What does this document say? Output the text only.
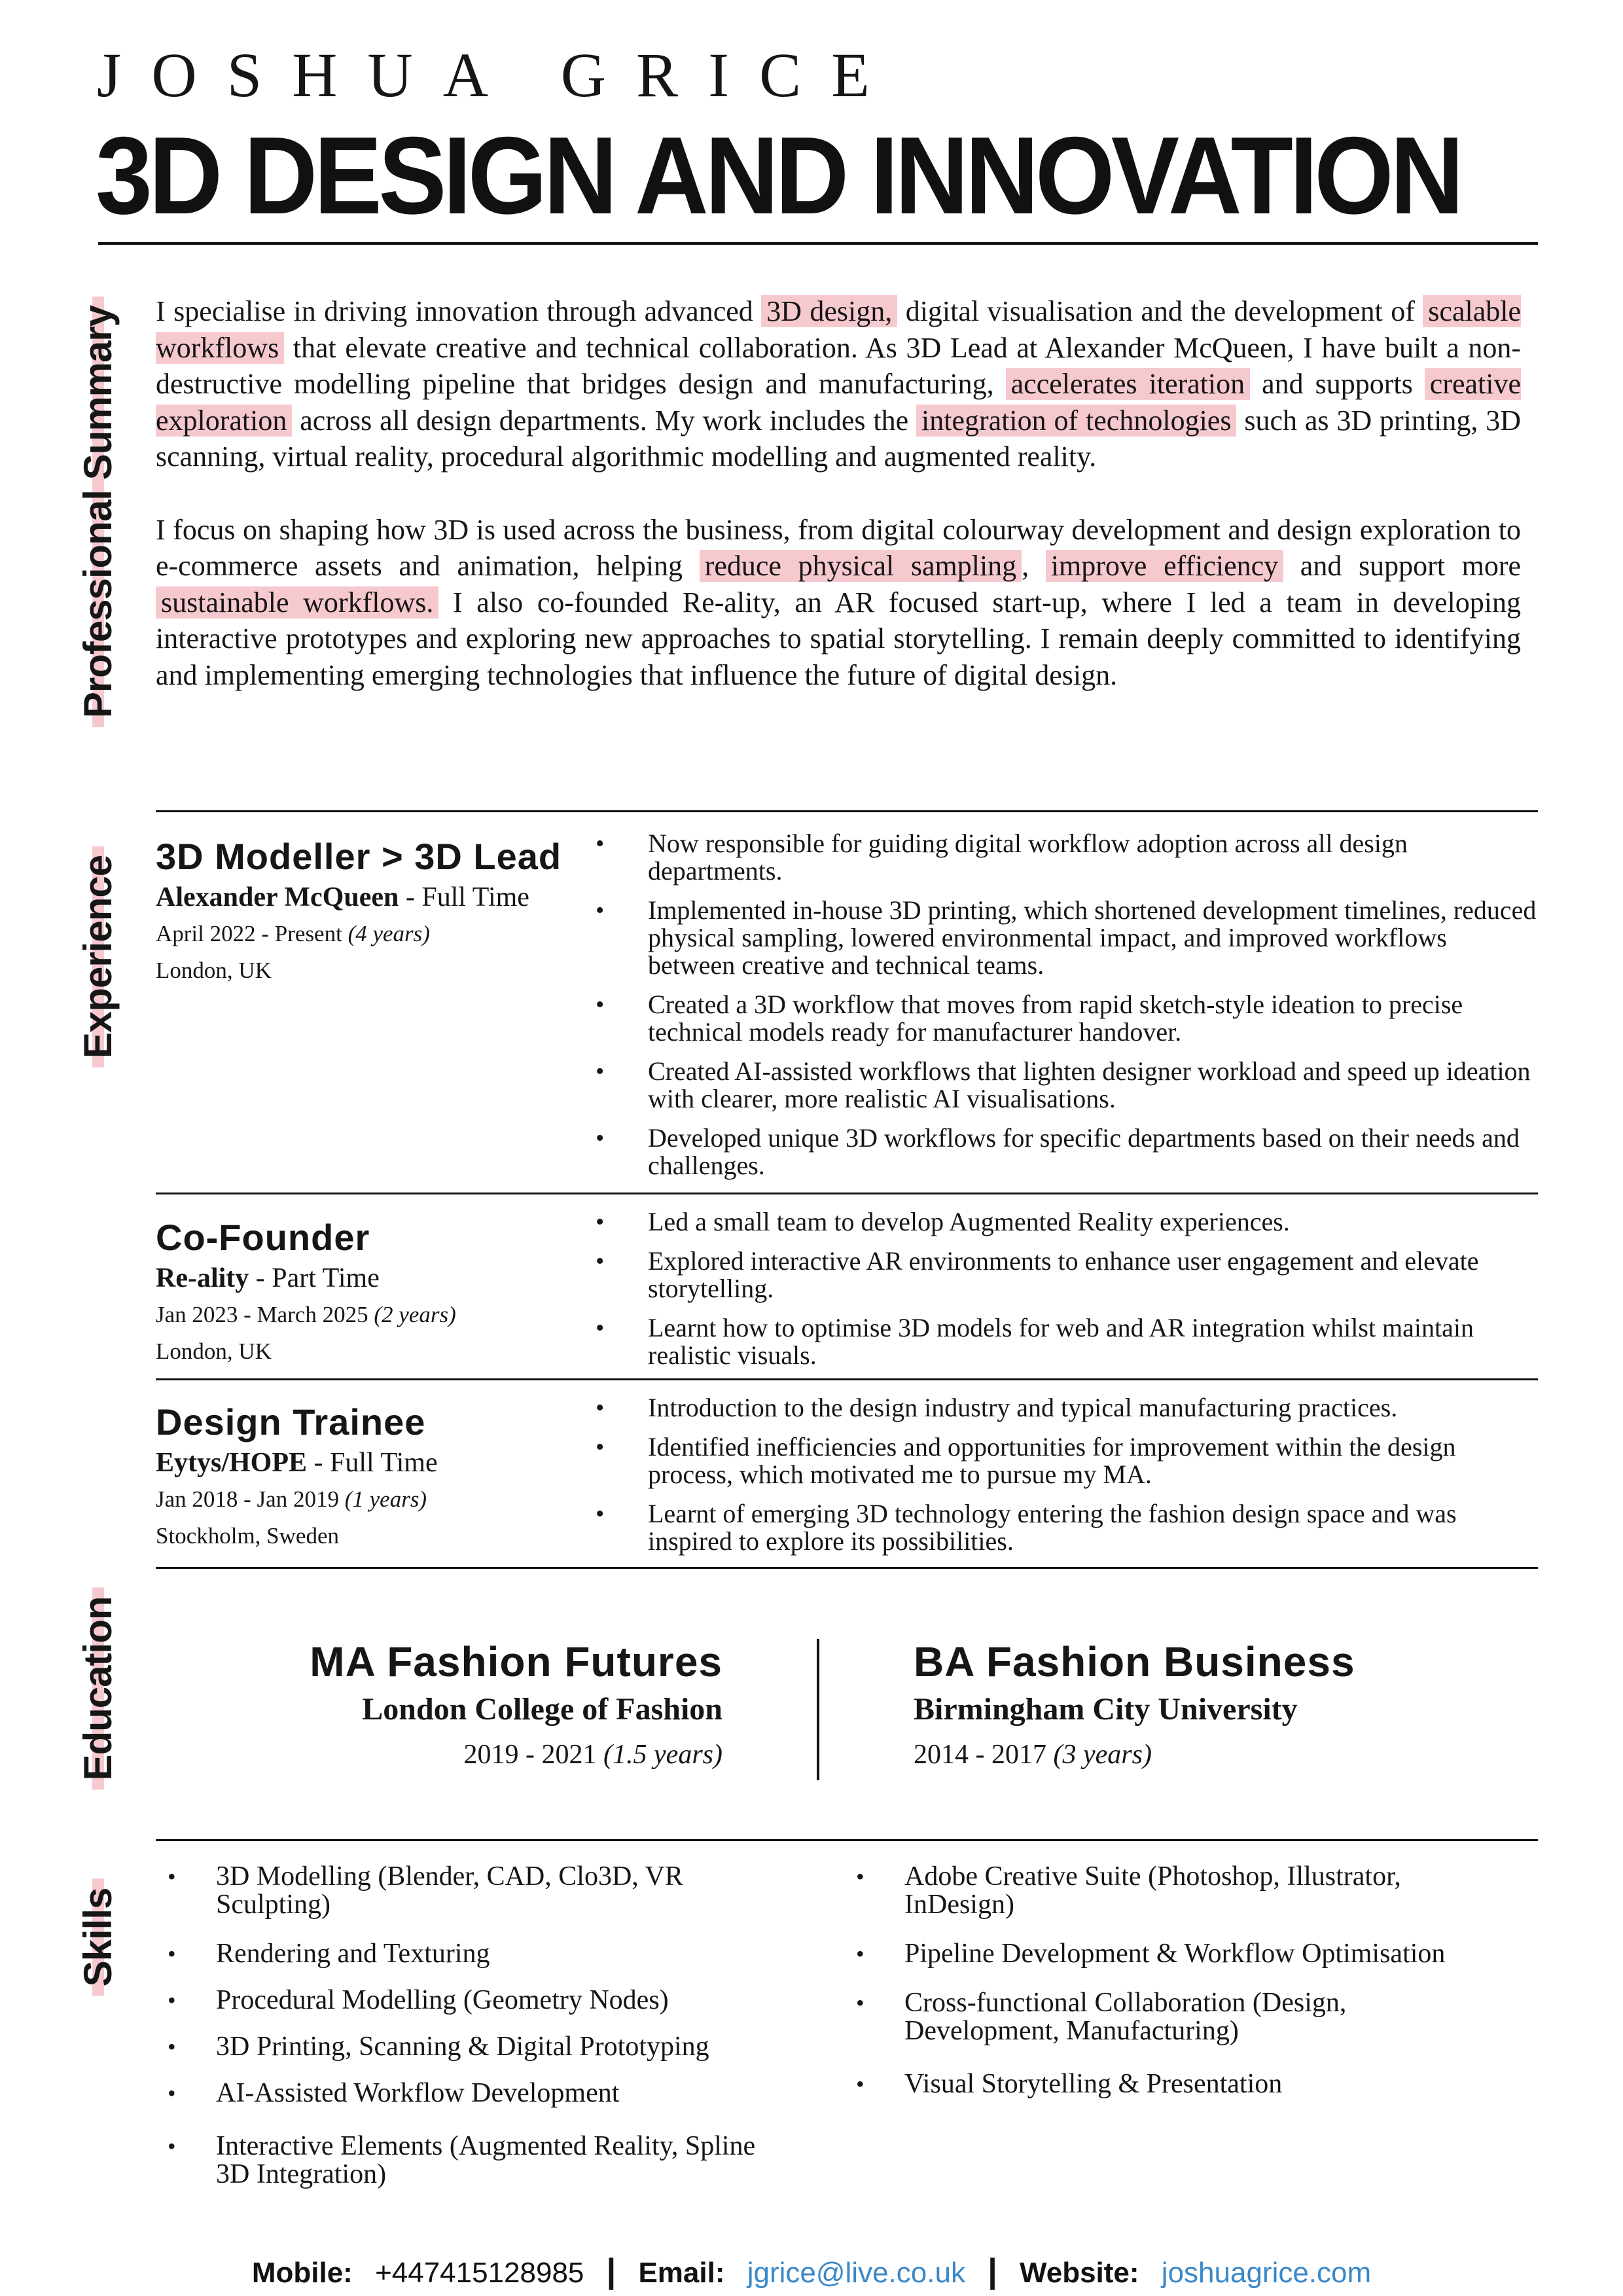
JOSHUA GRICE
3D DESIGN AND INNOVATION
Professional Summary
Experience
Education
Skills

I specialise in driving innovation through advanced 3D design, digital visualisation and the development of scalable workflows that elevate creative and technical collaboration. As 3D Lead at Alexander McQueen, I have built a non-destructive modelling pipeline that bridges design and manufacturing, accelerates iteration and supports creative exploration across all design departments. My work includes the integration of technologies such as 3D printing, 3D scanning, virtual reality, procedural algorithmic modelling and augmented reality.

I focus on shaping how 3D is used across the business, from digital colourway development and design exploration to e-commerce assets and animation, helping reduce physical sampling , improve efficiency and support more sustainable workflows. I also co-founded Re-ality, an AR focused start-up, where I led a team in developing interactive prototypes and exploring new approaches to spatial storytelling. I remain deeply committed to identifying and implementing emerging technologies that influence the future of digital design.

3D Modeller > 3D Lead
Alexander McQueen - Full Time
April 2022 - Present (4 years)
London, UK
• Now responsible for guiding digital workflow adoption across all design departments.
• Implemented in-house 3D printing, which shortened development timelines, reduced physical sampling, lowered environmental impact, and improved workflows between creative and technical teams.
• Created a 3D workflow that moves from rapid sketch-style ideation to precise technical models ready for manufacturer handover.
• Created AI-assisted workflows that lighten designer workload and speed up ideation with clearer, more realistic AI visualisations.
• Developed unique 3D workflows for specific departments based on their needs and challenges.
Co-Founder
Re-ality - Part Time
Jan 2023 - March 2025 (2 years)
London, UK
• Led a small team to develop Augmented Reality experiences.
• Explored interactive AR environments to enhance user engagement and elevate storytelling.
• Learnt how to optimise 3D models for web and AR integration whilst maintain realistic visuals.
Design Trainee
Eytys/HOPE - Full Time
Jan 2018 - Jan 2019 (1 years)
Stockholm, Sweden
• Introduction to the design industry and typical manufacturing practices.
• Identified inefficiencies and opportunities for improvement within the design process, which motivated me to pursue my MA.
• Learnt of emerging 3D technology entering the fashion design space and was inspired to explore its possibilities.
MA Fashion Futures
London College of Fashion
2019 - 2021 (1.5 years)
BA Fashion Business
Birmingham City University
2014 - 2017 (3 years)
• 3D Modelling (Blender, CAD, Clo3D, VR Sculpting)
• Rendering and Texturing
• Procedural Modelling (Geometry Nodes)
• 3D Printing, Scanning & Digital Prototyping
• AI-Assisted Workflow Development
• Interactive Elements (Augmented Reality, Spline 3D Integration)
• Adobe Creative Suite (Photoshop, Illustrator, InDesign)
• Pipeline Development & Workflow Optimisation
• Cross-functional Collaboration (Design, Development, Manufacturing)
• Visual Storytelling & Presentation
Mobile: +447415128985 | Email: jgrice@live.co.uk | Website: joshuagrice.com
